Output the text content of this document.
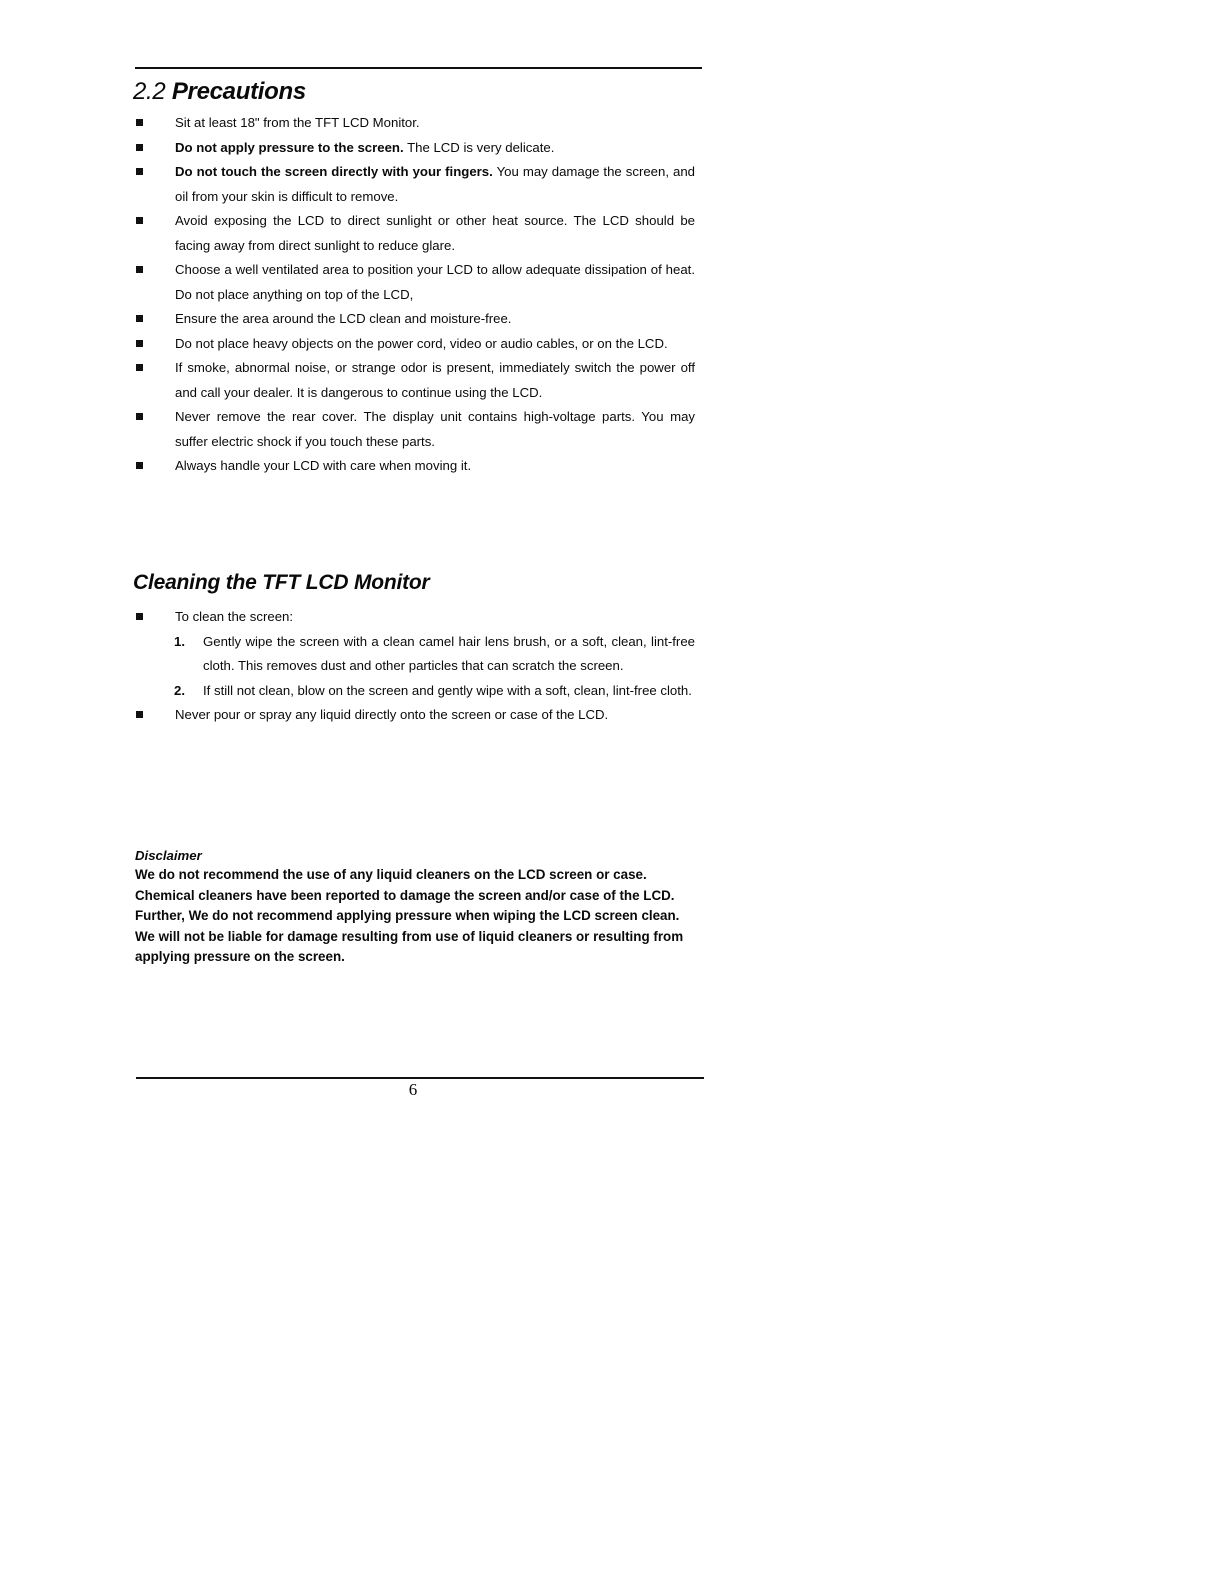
2.2 Precautions
Sit at least 18" from the TFT LCD Monitor.
Do not apply pressure to the screen. The LCD is very delicate.
Do not touch the screen directly with your fingers. You may damage the screen, and oil from your skin is difficult to remove.
Avoid exposing the LCD to direct sunlight or other heat source. The LCD should be facing away from direct sunlight to reduce glare.
Choose a well ventilated area to position your LCD to allow adequate dissipation of heat. Do not place anything on top of the LCD,
Ensure the area around the LCD clean and moisture-free.
Do not place heavy objects on the power cord, video or audio cables, or on the LCD.
If smoke, abnormal noise, or strange odor is present, immediately switch the power off and call your dealer. It is dangerous to continue using the LCD.
Never remove the rear cover. The display unit contains high-voltage parts. You may suffer electric shock if you touch these parts.
Always handle your LCD with care when moving it.
Cleaning the TFT LCD Monitor
To clean the screen:
1. Gently wipe the screen with a clean camel hair lens brush, or a soft, clean, lint-free cloth. This removes dust and other particles that can scratch the screen.
2. If still not clean, blow on the screen and gently wipe with a soft, clean, lint-free cloth.
Never pour or spray any liquid directly onto the screen or case of the LCD.

Disclaimer

We do not recommend the use of any liquid cleaners on the LCD screen or case. Chemical cleaners have been reported to damage the screen and/or case of the LCD. Further, We do not recommend applying pressure when wiping the LCD screen clean. We will not be liable for damage resulting from use of liquid cleaners or resulting from applying pressure on the screen.

6
